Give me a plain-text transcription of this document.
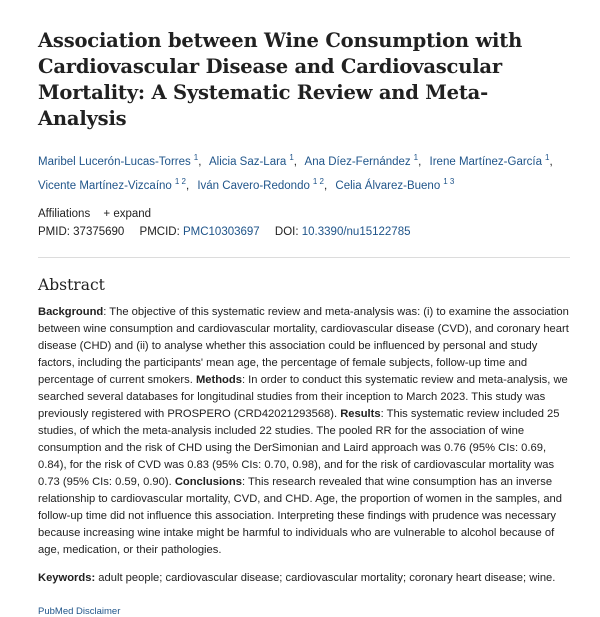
Association between Wine Consumption with Cardiovascular Disease and Cardiovascular Mortality: A Systematic Review and Meta-Analysis
Maribel Lucerón-Lucas-Torres $^1$, Alicia Saz-Lara $^1$, Ana Díez-Fernández $^1$, Irene Martínez-García $^1$,
Vicente Martínez-Vizcaíno $^{1 2}$, Iván Cavero-Redondo $^{1 2}$, Celia Álvarez-Bueno $^{1 3}$
Affiliations + expand
PMID: 37375690 PMCID: PMC10303697 DOI: 10.3390/nu15122785
Abstract

Background: The objective of this systematic review and meta-analysis was: (i) to examine the association between wine consumption and cardiovascular mortality, cardiovascular disease (CVD), and coronary heart disease (CHD) and (ii) to analyse whether this association could be influenced by personal and study factors, including the participants' mean age, the percentage of female subjects, follow-up time and percentage of current smokers. Methods: In order to conduct this systematic review and meta-analysis, we searched several databases for longitudinal studies from their inception to March 2023. This study was previously registered with PROSPERO (CRD42021293568). Results: This systematic review included 25 studies, of which the meta-analysis included 22 studies. The pooled RR for the association of wine consumption and the risk of CHD using the DerSimonian and Laird approach was 0.76 (95% CIs: 0.69, 0.84), for the risk of CVD was 0.83 (95% CIs: 0.70, 0.98), and for the risk of cardiovascular mortality was 0.73 (95% CIs: 0.59, 0.90). Conclusions: This research revealed that wine consumption has an inverse relationship to cardiovascular mortality, CVD, and CHD. Age, the proportion of women in the samples, and follow-up time did not influence this association. Interpreting these findings with prudence was necessary because increasing wine intake might be harmful to individuals who are vulnerable to alcohol because of age, medication, or their pathologies.

Keywords: adult people; cardiovascular disease; cardiovascular mortality; coronary heart disease; wine.
PubMed Disclaimer
